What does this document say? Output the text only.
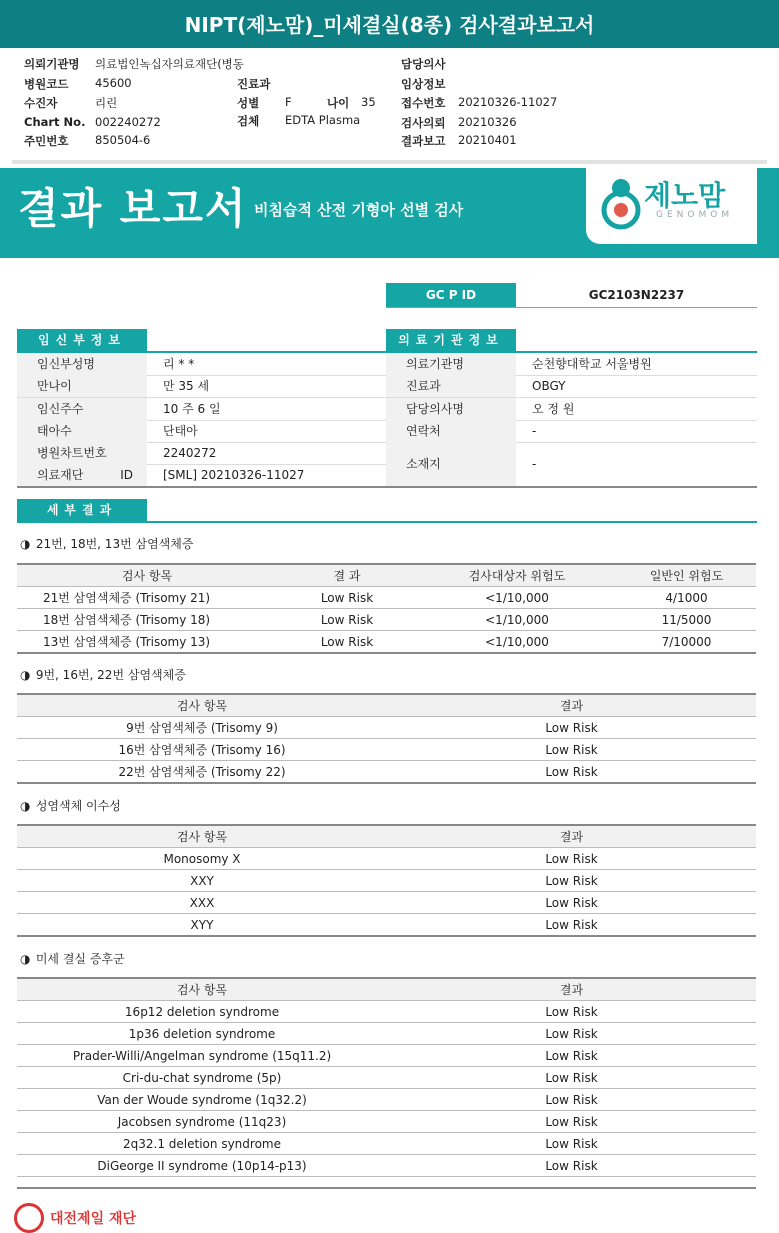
NIPT(제노맘)_미세결실(8종) 검사결과보고서
의뢰기관명 의료법인녹십자의료재단(병동
병원코드 45600
수진자	리린
Chart No. 002240272
주민번호 850504-6
진료과
성별 F	나이 35
검체 EDTA Plasma
담당의사
임상정보
접수번호 20210326-11027
검사의뢰 20210326
결과보고 20210401
결과 보고서 비침습적 산전 기형아 선별 검사	제노맘
GENOMOM
GC P ID	GC2103N2237
임신부정보
임신부성명	리 * *
만나이	만 35 세
임신주수	10 주 6 일
태아수	단태아
병원차트번호	2240272
의료재단 ID	[SML] 20210326-11027
의료기관정보
의료기관명	순천향대학교 서울병원
진료과	OBGY
담당의사명	오 정 원
연락처	-
소재지	-
세부결과
◑ 21번, 18번, 13번 삼염색체증
검사 항목	결 과	검사대상자 위험도	일반인 위험도
21번 삼염색체증 (Trisomy 21)	Low Risk	<1/10,000	4/1000
18번 삼염색체증 (Trisomy 18)	Low Risk	<1/10,000	11/5000
13번 삼염색체증 (Trisomy 13)	Low Risk	<1/10,000	7/10000
◑ 9번, 16번, 22번 삼염색체증
검사 항목	결과
9번 삼염색체증 (Trisomy 9)	Low Risk
16번 삼염색체증 (Trisomy 16)	Low Risk
22번 삼염색체증 (Trisomy 22)	Low Risk
◑ 성염색체 이수성
검사 항목	결과
Monosomy X	Low Risk
XXY	Low Risk
XXX	Low Risk
XYY	Low Risk
◑ 미세 결실 증후군
검사 항목	결과
16p12 deletion syndrome	Low Risk
1p36 deletion syndrome	Low Risk
Prader-Willi/Angelman syndrome (15q11.2)	Low Risk
Cri-du-chat syndrome (5p)	Low Risk
Van der Woude syndrome (1q32.2)	Low Risk
Jacobsen syndrome (11q23)	Low Risk
2q32.1 deletion syndrome	Low Risk
DiGeorge II syndrome (10p14-p13)	Low Risk
대전제일 재단
